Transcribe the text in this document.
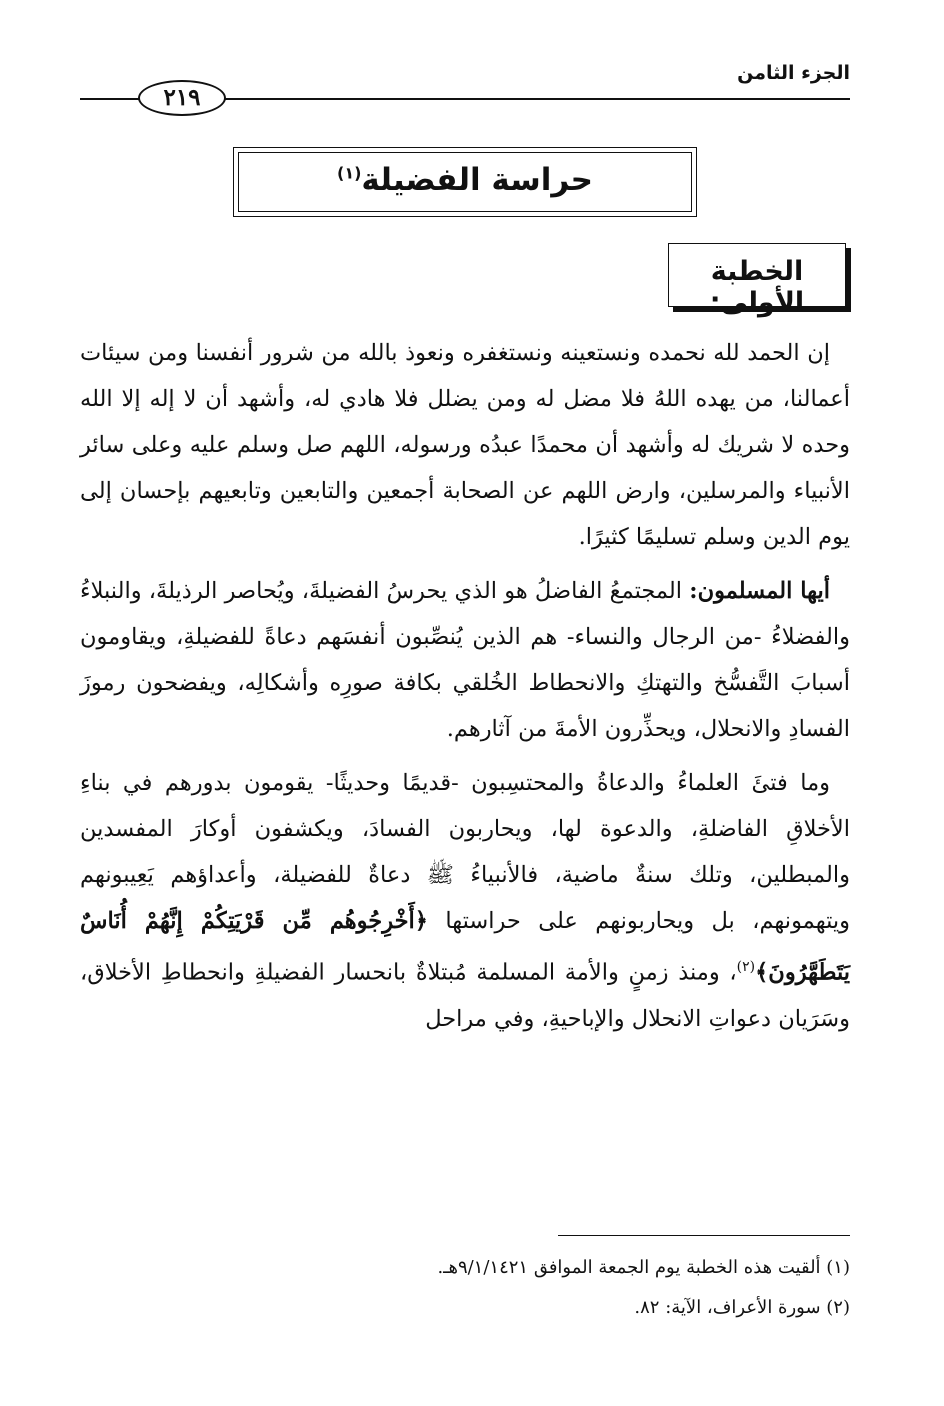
الجزء الثامن
٢١٩
حراسة الفضيلة$^{(١)}$
الخطبة الأولى:

إن الحمد لله نحمده ونستعينه ونستغفره ونعوذ بالله من شرور أنفسنا ومن سيئات أعمالنا، من يهده اللهُ فلا مضل له ومن يضلل فلا هادي له، وأشهد أن لا إله إلا الله وحده لا شريك له وأشهد أن محمدًا عبدُه ورسوله، اللهم صل وسلم عليه وعلى سائر الأنبياء والمرسلين، وارض اللهم عن الصحابة أجمعين والتابعين وتابعيهم بإحسان إلى يوم الدين وسلم تسليمًا كثيرًا.

أيها المسلمون: المجتمعُ الفاضلُ هو الذي يحرسُ الفضيلةَ، ويُحاصر الرذيلةَ، والنبلاءُ والفضلاءُ -من الرجال والنساء- هم الذين يُنصِّبون أنفسَهم دعاةً للفضيلةِ، ويقاومون أسبابَ التَّفسُّخ والتهتكِ والانحطاط الخُلقي بكافة صورِه وأشكالِه، ويفضحون رموزَ الفسادِ والانحلال، ويحذِّرون الأمةَ من آثارهم.

وما فتئَ العلماءُ والدعاةُ والمحتسِبون -قديمًا وحديثًا- يقومون بدورهم في بناءِ الأخلاقِ الفاضلةِ، والدعوة لها، ويحاربون الفسادَ، ويكشفون أوكارَ المفسدين والمبطلين، وتلك سنةٌ ماضية، فالأنبياءُ ﷺ دعاةٌ للفضيلة، وأعداؤهم يَعِيبونهم ويتهمونهم، بل ويحاربونهم على حراستها ﴿أَخْرِجُوهُم مِّن قَرْيَتِكُمْ إِنَّهُمْ أُنَاسٌ يَتَطَهَّرُونَ﴾$^{(٢)}$، ومنذ زمنٍ والأمة المسلمة مُبتلاةٌ بانحسار الفضيلةِ وانحطاطِ الأخلاق، وسَرَيان دعواتِ الانحلال والإباحيةِ، وفي مراحل

(١) ألقيت هذه الخطبة يوم الجمعة الموافق ٩/١/١٤٢١هـ.
(٢) سورة الأعراف، الآية: ٨٢.
